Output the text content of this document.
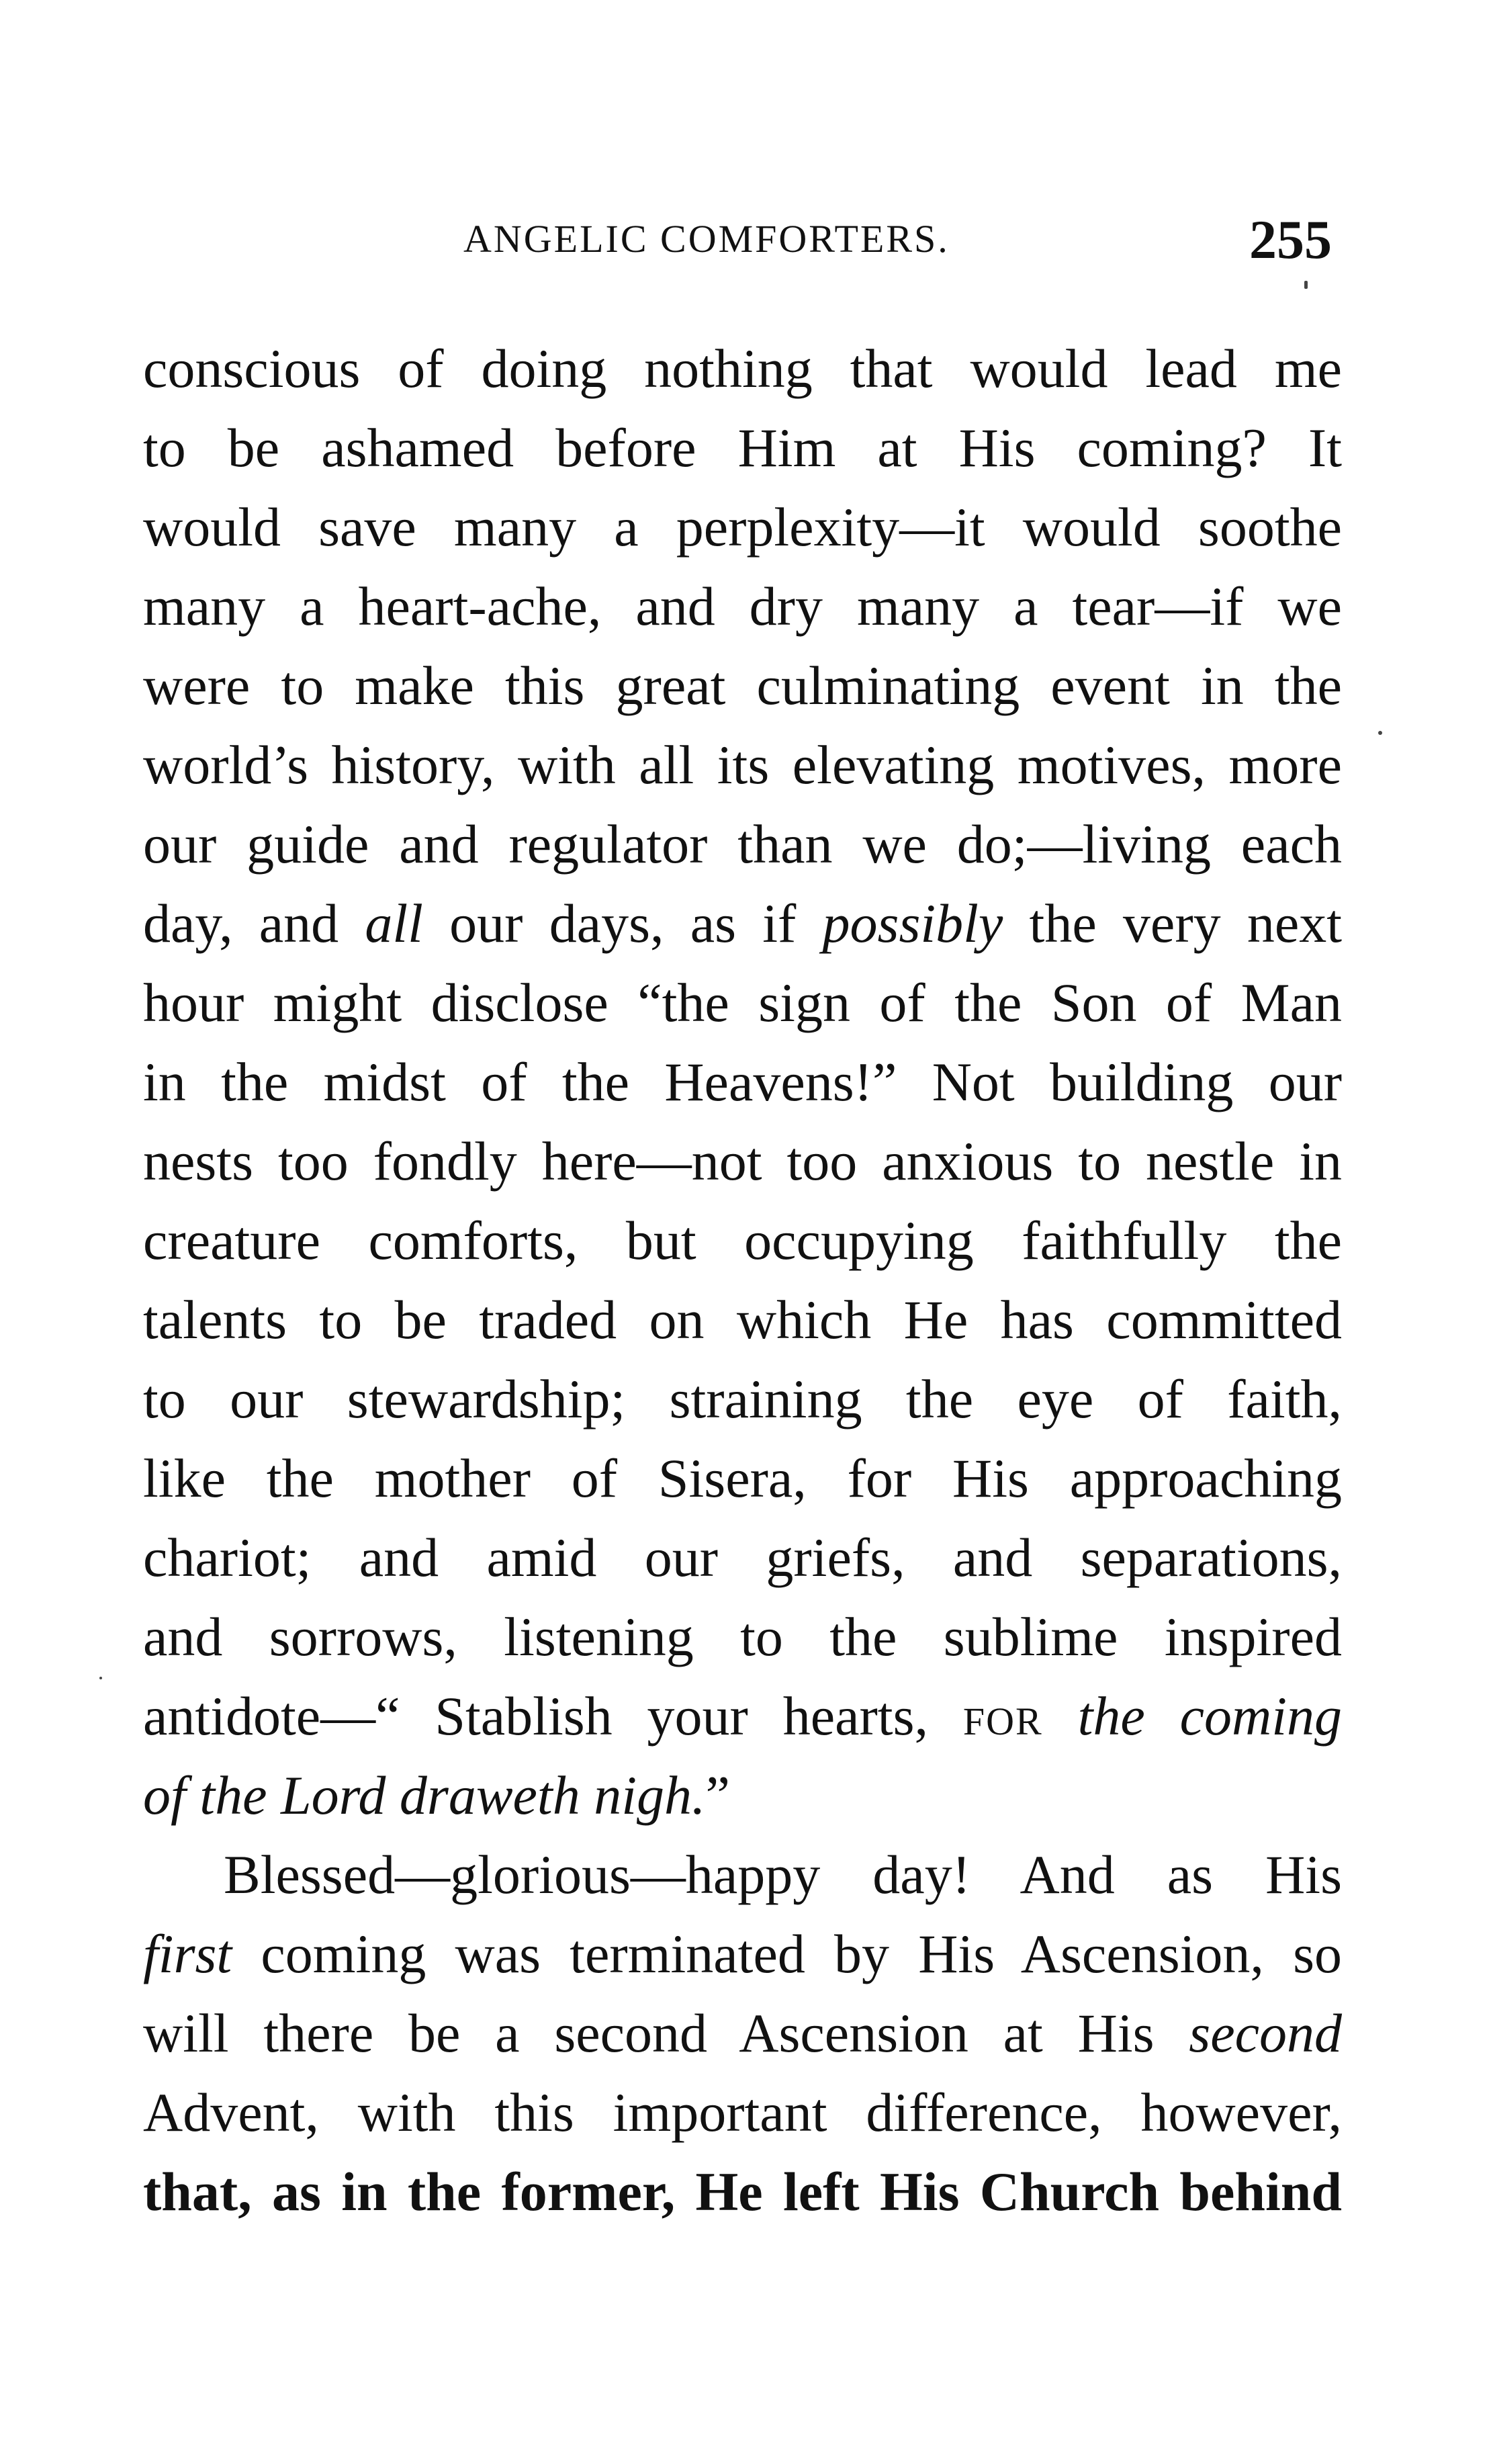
ANGELIC COMFORTERS.	255
conscious of doing nothing that would lead me
to be ashamed before Him at His coming? It
would save many a perplexity—it would soothe
many a heart-ache, and dry many a tear—if we
were to make this great culminating event in the
world’s history, with all its elevating motives, more
our guide and regulator than we do;—living each
day, and all our days, as if possibly the very next
hour might disclose “the sign of the Son of Man
in the midst of the Heavens!” Not building our
nests too fondly here—not too anxious to nestle in
creature comforts, but occupying faithfully the
talents to be traded on which He has committed
to our stewardship; straining the eye of faith,
like the mother of Sisera, for His approaching
chariot; and amid our griefs, and separations,
and sorrows, listening to the sublime inspired
antidote—“ Stablish your hearts, FOR the coming
of the Lord draweth nigh.”
Blessed—glorious—happy day! And as His
first coming was terminated by His Ascension, so
will there be a second Ascension at His second
Advent, with this important difference, however,
that, as in the former, He left His Church behind
